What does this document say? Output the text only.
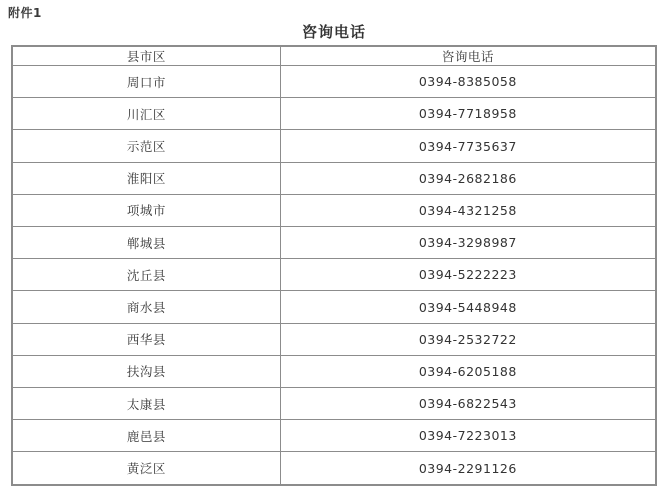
附件1
咨询电话
县市区	咨询电话
周口市	0394-8385058
川汇区	0394-7718958
示范区	0394-7735637
淮阳区	0394-2682186
项城市	0394-4321258
郸城县	0394-3298987
沈丘县	0394-5222223
商水县	0394-5448948
西华县	0394-2532722
扶沟县	0394-6205188
太康县	0394-6822543
鹿邑县	0394-7223013
黄泛区	0394-2291126
